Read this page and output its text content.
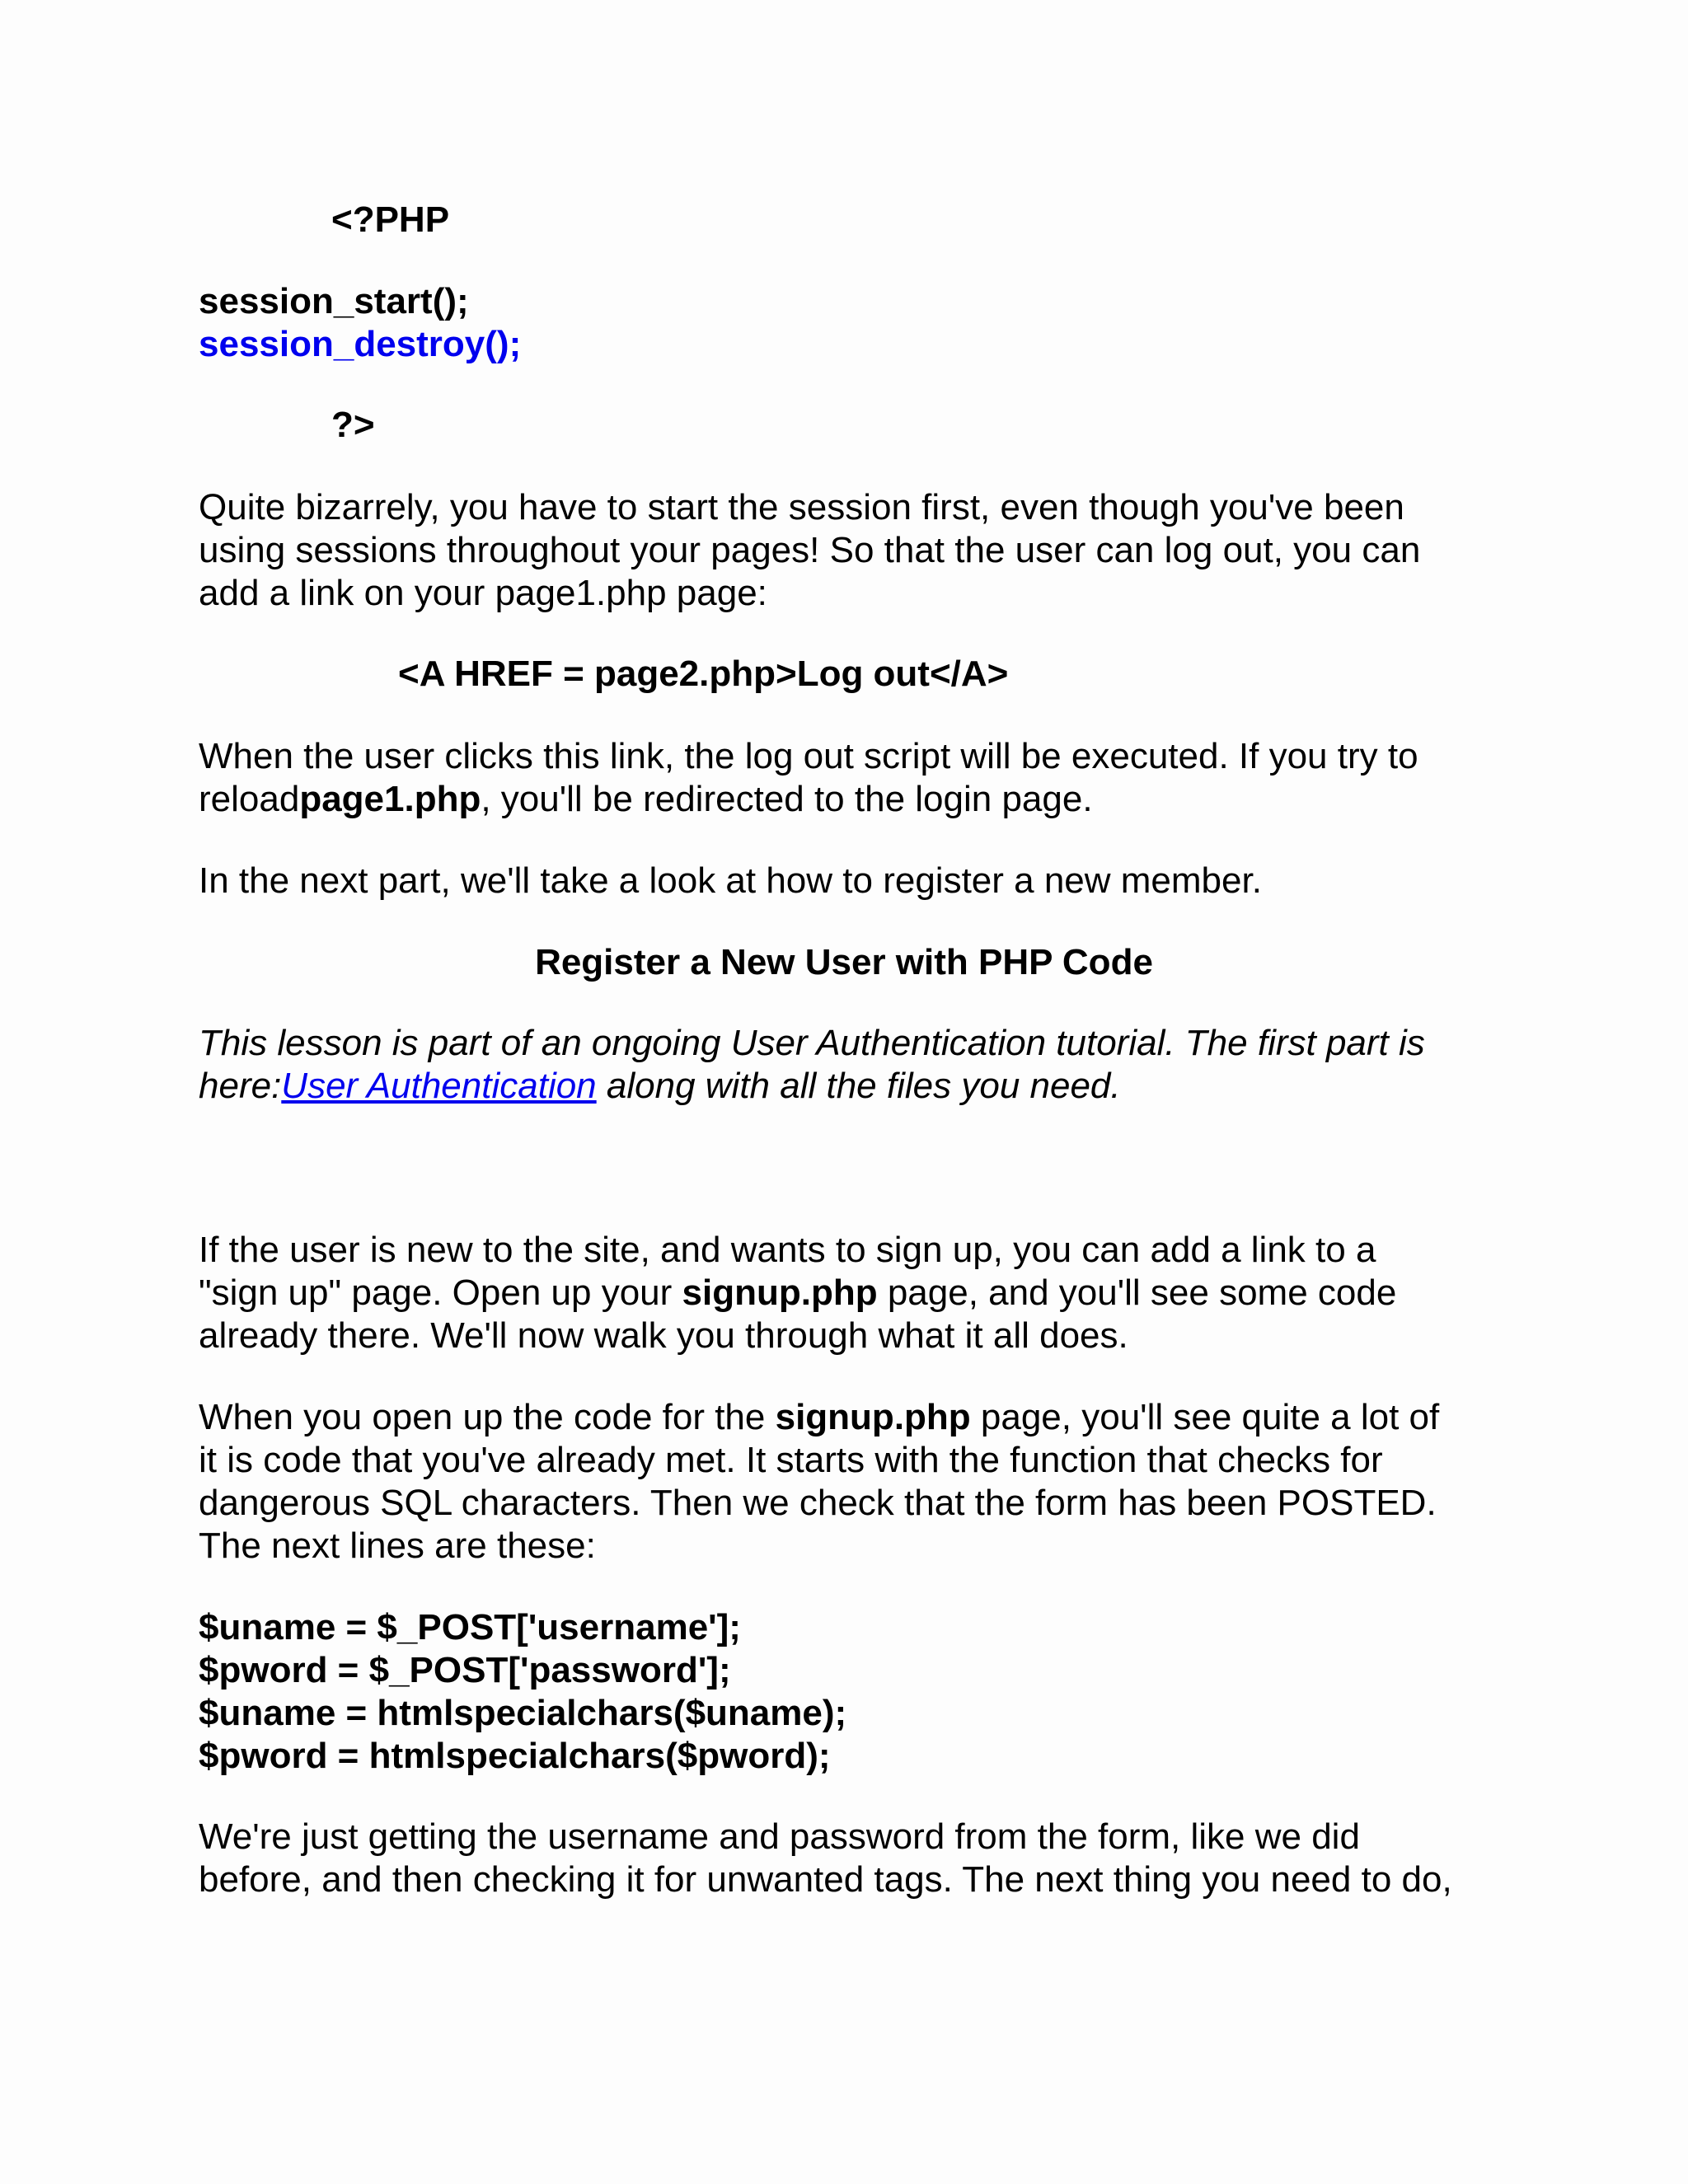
<?PHP
session_start();
session_destroy();
?>
Quite bizarrely, you have to start the session first, even though you've been
using sessions throughout your pages! So that the user can log out, you can
add a link on your page1.php page:
<A HREF = page2.php>Log out</A>
When the user clicks this link, the log out script will be executed. If you try to
reloadpage1.php, you'll be redirected to the login page.
In the next part, we'll take a look at how to register a new member.
Register a New User with PHP Code
This lesson is part of an ongoing User Authentication tutorial. The first part is
here:User Authentication along with all the files you need.
If the user is new to the site, and wants to sign up, you can add a link to a
"sign up" page. Open up your signup.php page, and you'll see some code
already there. We'll now walk you through what it all does.
When you open up the code for the signup.php page, you'll see quite a lot of
it is code that you've already met. It starts with the function that checks for
dangerous SQL characters. Then we check that the form has been POSTED.
The next lines are these:
$uname = $_POST['username'];
$pword = $_POST['password'];
$uname = htmlspecialchars($uname);
$pword = htmlspecialchars($pword);
We're just getting the username and password from the form, like we did
before, and then checking it for unwanted tags. The next thing you need to do,
